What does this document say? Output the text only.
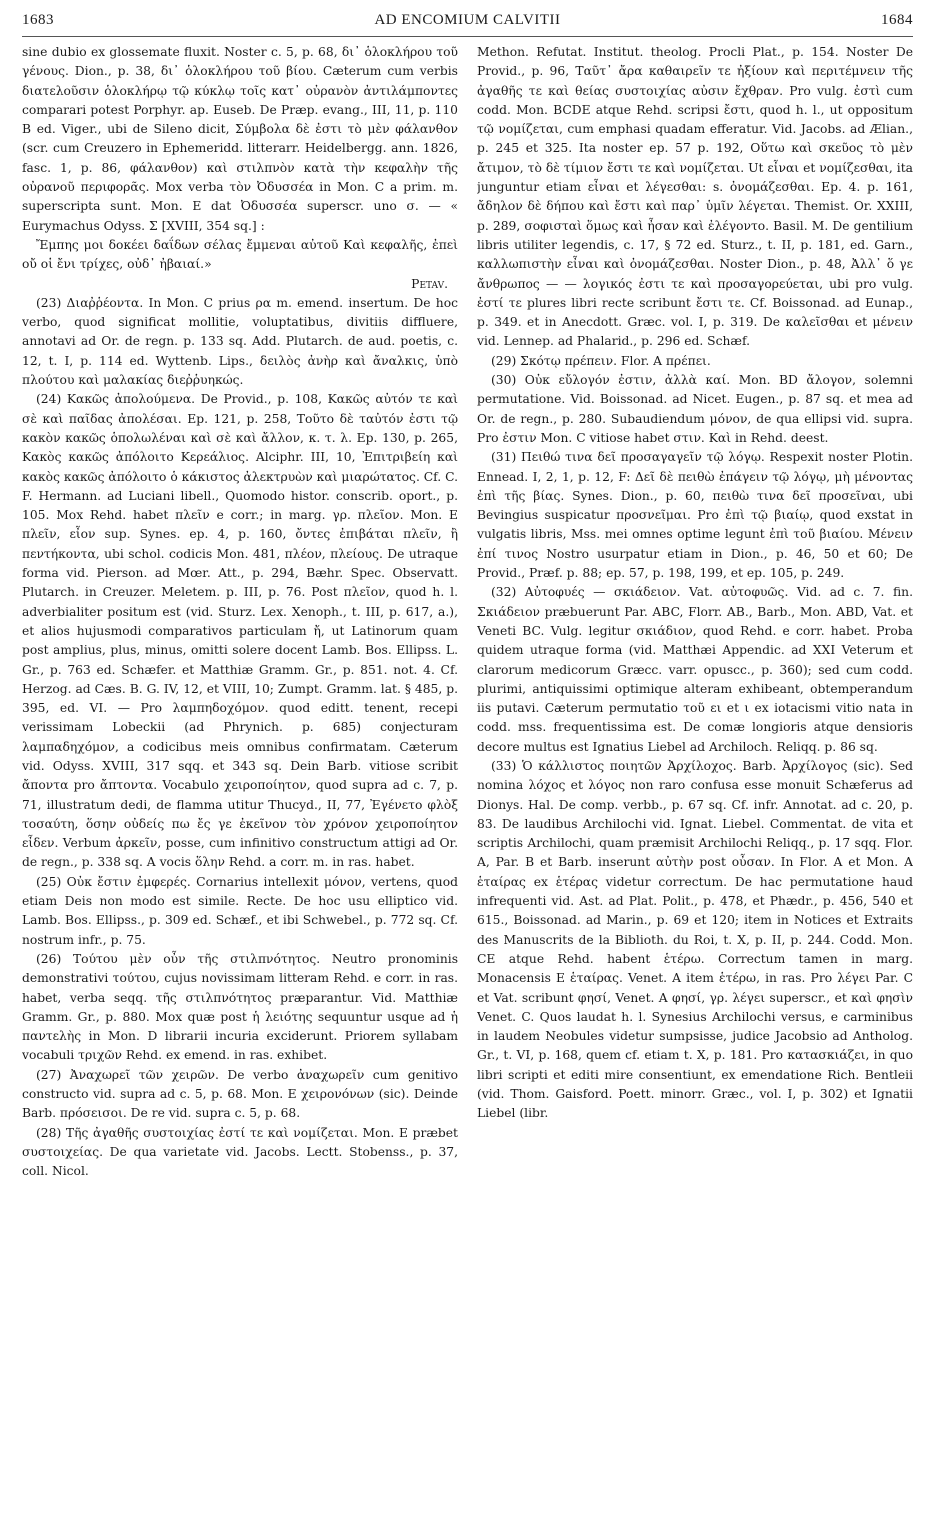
1683	AD ENCOMIUM CALVITII	1684

sine dubio ex glossemate fluxit. Noster c. 5, p. 68, δι᾽ ὁλοκλήρου τοῦ γένους. Dion., p. 38, δι᾽ ὁλοκλήρου τοῦ βίου. Cæterum cum verbis διατελοῦσιν ὁλοκλήρῳ τῷ κύκλῳ τοῖς κατ᾽ οὐρανὸν ἀντιλάμποντες comparari potest Porphyr. ap. Euseb. De Præp. evang., III, 11, p. 110 B ed. Viger., ubi de Sileno dicit, Σύμβολα δὲ ἐστι τὸ μὲν φάλανθον (scr. cum Creuzero in Ephemeridd. litterarr. Heidelbergg. ann. 1826, fasc. 1, p. 86, φάλανθον) καὶ στιλπνὸν κατὰ τὴν κεφαλὴν τῆς οὐρανοῦ περιφορᾶς. Mox verba τὸν Ὀδυσσέα in Mon. C a prim. m. superscripta sunt. Mon. E dat Ὀδυσσέα superscr. uno σ. — « Eurymachus Odyss. Σ [XVIII, 354 sq.] :

Ἔμπης μοι δοκέει δαΐδων σέλας ἔμμεναι αὐτοῦ Καὶ κεφαλῆς, ἐπεὶ οὔ οἱ ἔνι τρίχες, οὐδ᾽ ἠβαιαί.»

Petav.

(23) Διαῤῥέοντα. In Mon. C prius ρα m. emend. insertum. De hoc verbo, quod significat mollitie, voluptatibus, divitiis diffluere, annotavi ad Or. de regn. p. 133 sq. Add. Plutarch. de aud. poetis, c. 12, t. I, p. 114 ed. Wyttenb. Lips., δειλὸς ἀνὴρ καὶ ἄναλκις, ὑπὸ πλούτου καὶ μαλακίας διεῤῥυηκώς.

(24) Κακῶς ἀπολούμενα. De Provid., p. 108, Κακῶς αὐτόν τε καὶ σὲ καὶ παῖδας ἀπολέσαι. Ep. 121, p. 258, Τοῦτο δὲ ταὐτόν ἐστι τῷ κακὸν κακῶς ὁπολωλέναι καὶ σὲ καὶ ἄλλον, κ. τ. λ. Ep. 130, p. 265, Κακὸς κακῶς ἀπόλοιτο Κερεάλιος. Alciphr. III, 10, Ἐπιτριβείη καὶ κακὸς κακῶς ἀπόλοιτο ὁ κάκιστος ἀλεκτρυὼν καὶ μιαρώτατος. Cf. C. F. Hermann. ad Luciani libell., Quomodo histor. conscrib. oport., p. 105. Mox Rehd. habet πλεῖν e corr.; in marg. γρ. πλεῖον. Mon. E πλεῖν, εἶον sup. Synes. ep. 4, p. 160, ὄντες ἐπιβάται πλεῖν, ἢ πεντήκοντα, ubi schol. codicis Mon. 481, πλέον, πλείους. De utraque forma vid. Pierson. ad Mœr. Att., p. 294, Bæhr. Spec. Observatt. Plutarch. in Creuzer. Meletem. p. III, p. 76. Post πλεῖον, quod h. l. adverbialiter positum est (vid. Sturz. Lex. Xenoph., t. III, p. 617, a.), et alios hujusmodi comparativos particulam ἤ, ut Latinorum quam post amplius, plus, minus, omitti solere docent Lamb. Bos. Ellipss. L. Gr., p. 763 ed. Schæfer. et Matthiæ Gramm. Gr., p. 851. not. 4. Cf. Herzog. ad Cæs. B. G. IV, 12, et VIII, 10; Zumpt. Gramm. lat. § 485, p. 395, ed. VI. — Pro λαμπηδοχόμον. quod editt. tenent, recepi verissimam Lobeckii (ad Phrynich. p. 685) conjecturam λαμπαδηχόμον, a codicibus meis omnibus confirmatam. Cæterum vid. Odyss. XVIII, 317 sqq. et 343 sq. Dein Barb. vitiose scribit ἄποντα pro ἄπτοντα. Vocabulo χειροποίητον, quod supra ad c. 7, p. 71, illustratum dedi, de flamma utitur Thucyd., II, 77, Ἐγένετο φλὸξ τοσαύτη, ὅσην οὐδείς πω ἔς γε ἐκεῖνον τὸν χρόνον χειροποίητον εἶδεν. Verbum ἀρκεῖν, posse, cum infinitivo constructum attigi ad Or. de regn., p. 338 sq. A vocis ὅλην Rehd. a corr. m. in ras. habet.

(25) Οὐκ ἔστιν ἐμφερές. Cornarius intellexit μόνον, vertens, quod etiam Deis non modo est simile. Recte. De hoc usu elliptico vid. Lamb. Bos. Ellipss., p. 309 ed. Schæf., et ibi Schwebel., p. 772 sq. Cf. nostrum infr., p. 75.

(26) Τούτου μὲν οὖν τῆς στιλπνότητος. Neutro pronominis demonstrativi τούτου, cujus novissimam litteram Rehd. e corr. in ras. habet, verba seqq. τῆς στιλπνότητος præparantur. Vid. Matthiæ Gramm. Gr., p. 880. Mox quæ post ἡ λειότης sequuntur usque ad ἡ παντελὴς in Mon. D librarii incuria exciderunt. Priorem syllabam vocabuli τριχῶν Rehd. ex emend. in ras. exhibet.

(27) Ἀναχωρεῖ τῶν χειρῶν. De verbo ἀναχωρεῖν cum genitivo constructo vid. supra ad c. 5, p. 68. Mon. E χειρονόνων (sic). Deinde Barb. πρόσεισοι. De re vid. supra c. 5, p. 68.

(28) Τῆς ἀγαθῆς συστοιχίας ἐστί τε καὶ νομίζεται. Mon. E præbet συστοιχείας. De qua varietate vid. Jacobs. Lectt. Stobenss., p. 37, coll. Nicol.

Methon. Refutat. Institut. theolog. Procli Plat., p. 154. Noster De Provid., p. 96, Ταῦτ᾽ ἄρα καθαιρεῖν τε ἠξίουν καὶ περιτέμνειν τῆς ἀγαθῆς τε καὶ θείας συστοιχίας αὐσιν ἔχθραν. Pro vulg. ἐστὶ cum codd. Mon. BCDE atque Rehd. scripsi ἔστι, quod h. l., ut oppositum τῷ νομίζεται, cum emphasi quadam efferatur. Vid. Jacobs. ad Ælian., p. 245 et 325. Ita noster ep. 57 p. 192, Οὕτω καὶ σκεῦος τὸ μὲν ἄτιμον, τὸ δὲ τίμιον ἔστι τε καὶ νομίζεται. Ut εἶναι et νομίζεσθαι, ita junguntur etiam εἶναι et λέγεσθαι: s. ὀνομάζεσθαι. Ep. 4. p. 161, ἄδηλον δὲ δήπου καὶ ἔστι καὶ παρ᾽ ὑμῖν λέγεται. Themist. Or. XXIII, p. 289, σοφισταὶ ὅμως καὶ ἦσαν καὶ ἐλέγοντο. Basil. M. De gentilium libris utiliter legendis, c. 17, § 72 ed. Sturz., t. II, p. 181, ed. Garn., καλλωπιστὴν εἶναι καὶ ὀνομάζεσθαι. Noster Dion., p. 48, Ἀλλ᾽ ὅ γε ἄνθρωπος — — λογικός ἐστι τε καὶ προσαγορεύεται, ubi pro vulg. ἐστί τε plures libri recte scribunt ἔστι τε. Cf. Boissonad. ad Eunap., p. 349. et in Anecdott. Græc. vol. I, p. 319. De καλεῖσθαι et μένειν vid. Lennep. ad Phalarid., p. 296 ed. Schæf.

(29) Σκότῳ πρέπειν. Flor. A πρέπει.

(30) Οὐκ εὔλογόν ἐστιν, ἀλλὰ καί. Mon. BD ἄλογον, solemni permutatione. Vid. Boissonad. ad Nicet. Eugen., p. 87 sq. et mea ad Or. de regn., p. 280. Subaudiendum μόνον, de qua ellipsi vid. supra. Pro ἐστιν Mon. C vitiose habet στιν. Καὶ in Rehd. deest.

(31) Πειθώ τινα δεῖ προσαγαγεῖν τῷ λόγῳ. Respexit noster Plotin. Ennead. I, 2, 1, p. 12, F: Δεῖ δὲ πειθὼ ἐπάγειν τῷ λόγῳ, μὴ μένοντας ἐπὶ τῆς βίας. Synes. Dion., p. 60, πειθὼ τινα δεῖ προσεῖναι, ubi Bevingius suspicatur προσνεῖμαι. Pro ἐπὶ τῷ βιαίῳ, quod exstat in vulgatis libris, Mss. mei omnes optime legunt ἐπὶ τοῦ βιαίου. Μένειν ἐπί τινος Nostro usurpatur etiam in Dion., p. 46, 50 et 60; De Provid., Præf. p. 88; ep. 57, p. 198, 199, et ep. 105, p. 249.

(32) Αὐτοφυές — σκιάδειον. Vat. αὐτοφυῶς. Vid. ad c. 7. fin. Σκιάδειον præbuerunt Par. ABC, Florr. AB., Barb., Mon. ABD, Vat. et Veneti BC. Vulg. legitur σκιάδιον, quod Rehd. e corr. habet. Proba quidem utraque forma (vid. Matthæi Appendic. ad XXI Veterum et clarorum medicorum Græcc. varr. opuscc., p. 360); sed cum codd. plurimi, antiquissimi optimique alteram exhibeant, obtemperandum iis putavi. Cæterum permutatio τοῦ ει et ι ex iotacismi vitio nata in codd. mss. frequentissima est. De comæ longioris atque densioris decore multus est Ignatius Liebel ad Archiloch. Reliqq. p. 86 sq.

(33) Ὁ κάλλιστος ποιητῶν Ἀρχίλοχος. Barb. Ἀρχίλογος (sic). Sed nomina λόχος et λόγος non raro confusa esse monuit Schæferus ad Dionys. Hal. De comp. verbb., p. 67 sq. Cf. infr. Annotat. ad c. 20, p. 83. De laudibus Archilochi vid. Ignat. Liebel. Commentat. de vita et scriptis Archilochi, quam præmisit Archilochi Reliqq., p. 17 sqq. Flor. A, Par. B et Barb. inserunt αὐτὴν post οὖσαν. In Flor. A et Mon. A ἑταίρας ex ἑτέρας videtur correctum. De hac permutatione haud infrequenti vid. Ast. ad Plat. Polit., p. 478, et Phædr., p. 456, 540 et 615., Boissonad. ad Marin., p. 69 et 120; item in Notices et Extraits des Manuscrits de la Biblioth. du Roi, t. X, p. II, p. 244. Codd. Mon. CE atque Rehd. habent ἑτέρω. Correctum tamen in marg. Monacensis E ἑταίρας. Venet. A item ἑτέρω, in ras. Pro λέγει Par. C et Vat. scribunt φησί, Venet. A φησί, γρ. λέγει superscr., et καὶ φησὶν Venet. C. Quos laudat h. l. Synesius Archilochi versus, e carminibus in laudem Neobules videtur sumpsisse, judice Jacobsio ad Antholog. Gr., t. VI, p. 168, quem cf. etiam t. X, p. 181. Pro κατασκιάζει, in quo libri scripti et editi mire consentiunt, ex emendatione Rich. Bentleii (vid. Thom. Gaisford. Poett. minorr. Græc., vol. I, p. 302) et Ignatii Liebel (libr.
